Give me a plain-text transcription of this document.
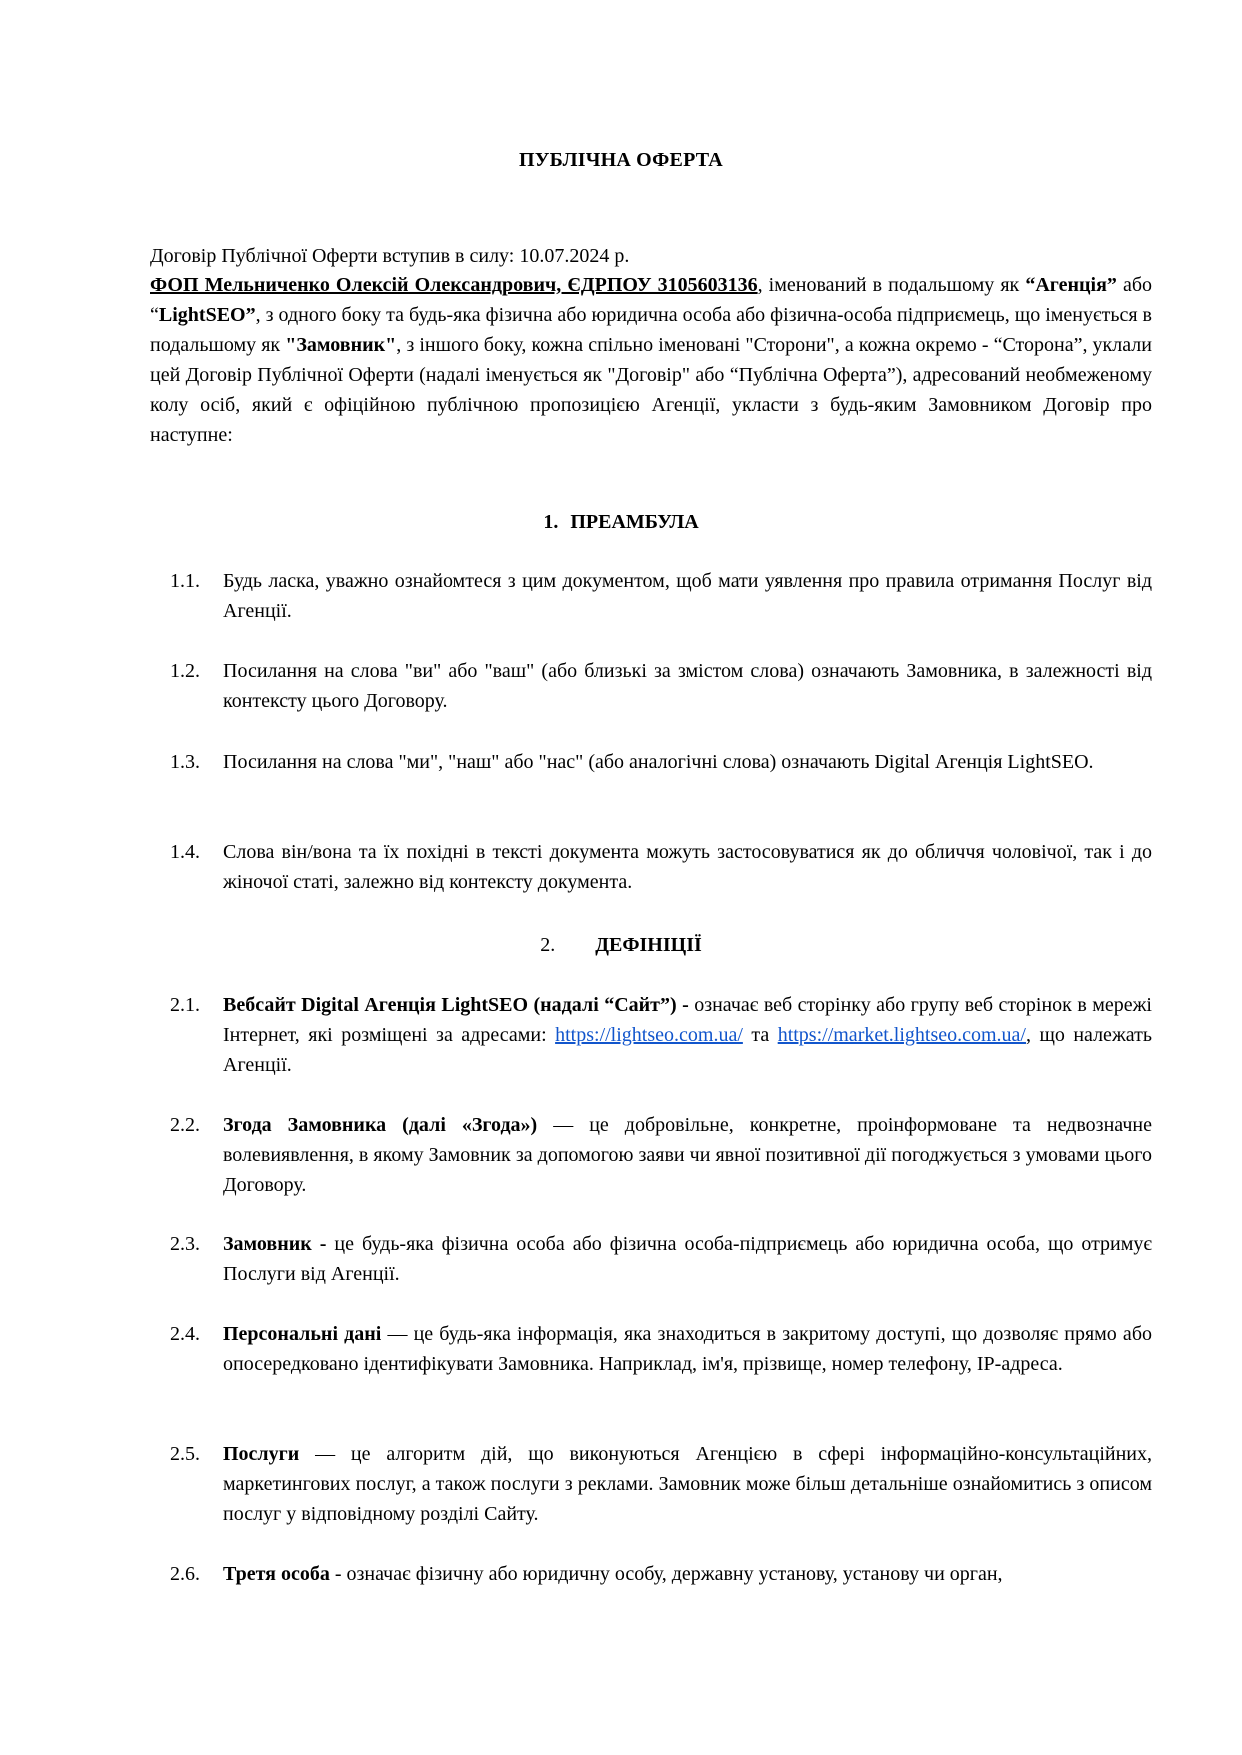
ПУБЛІЧНА ОФЕРТА
Договір Публічної Оферти вступив в силу: 10.07.2024 р.
ФОП Мельниченко Олексій Олександрович, ЄДРПОУ 3105603136, іменований в подальшому як “Агенція” або “LightSEO”, з одного боку та будь-яка фізична або юридична особа або фізична-особа підприємець, що іменується в подальшому як "Замовник", з іншого боку, кожна спільно іменовані "Сторони", а кожна окремо - “Сторона”, уклали цей Договір Публічної Оферти (надалі іменується як "Договір" або “Публічна Оферта”), адресований необмеженому колу осіб, який є офіційною публічною пропозицією Агенції, укласти з будь-яким Замовником Договір про наступне:
1. ПРЕАМБУЛА
1.1. Будь ласка, уважно ознайомтеся з цим документом, щоб мати уявлення про правила отримання Послуг від Агенції.
1.2. Посилання на слова "ви" або "ваш" (або близькі за змістом слова) означають Замовника, в залежності від контексту цього Договору.
1.3. Посилання на слова "ми", "наш" або "нас" (або аналогічні слова) означають Digital Агенція LightSEO.
1.4. Слова він/вона та їх похідні в тексті документа можуть застосовуватися як до обличчя чоловічої, так і до жіночої статі, залежно від контексту документа.
2. ДЕФІНІЦІЇ
2.1. Вебсайт Digital Агенція LightSEO (надалі “Сайт”) - означає веб сторінку або групу веб сторінок в мережі Інтернет, які розміщені за адресами: https://lightseo.com.ua/ та https://market.lightseo.com.ua/, що належать Агенції.
2.2. Згода Замовника (далі «Згода») — це добровільне, конкретне, проінформоване та недвозначне волевиявлення, в якому Замовник за допомогою заяви чи явної позитивної дії погоджується з умовами цього Договору.
2.3. Замовник - це будь-яка фізична особа або фізична особа-підприємець або юридична особа, що отримує Послуги від Агенції.
2.4. Персональні дані — це будь-яка інформація, яка знаходиться в закритому доступі, що дозволяє прямо або опосередковано ідентифікувати Замовника. Наприклад, ім'я, прізвище, номер телефону, IP-адреса.
2.5. Послуги — це алгоритм дій, що виконуються Агенцією в сфері інформаційно-консультаційних, маркетингових послуг, а також послуги з реклами. Замовник може більш детальніше ознайомитись з описом послуг у відповідному розділі Сайту.
2.6. Третя особа - означає фізичну або юридичну особу, державну установу, установу чи орган,
